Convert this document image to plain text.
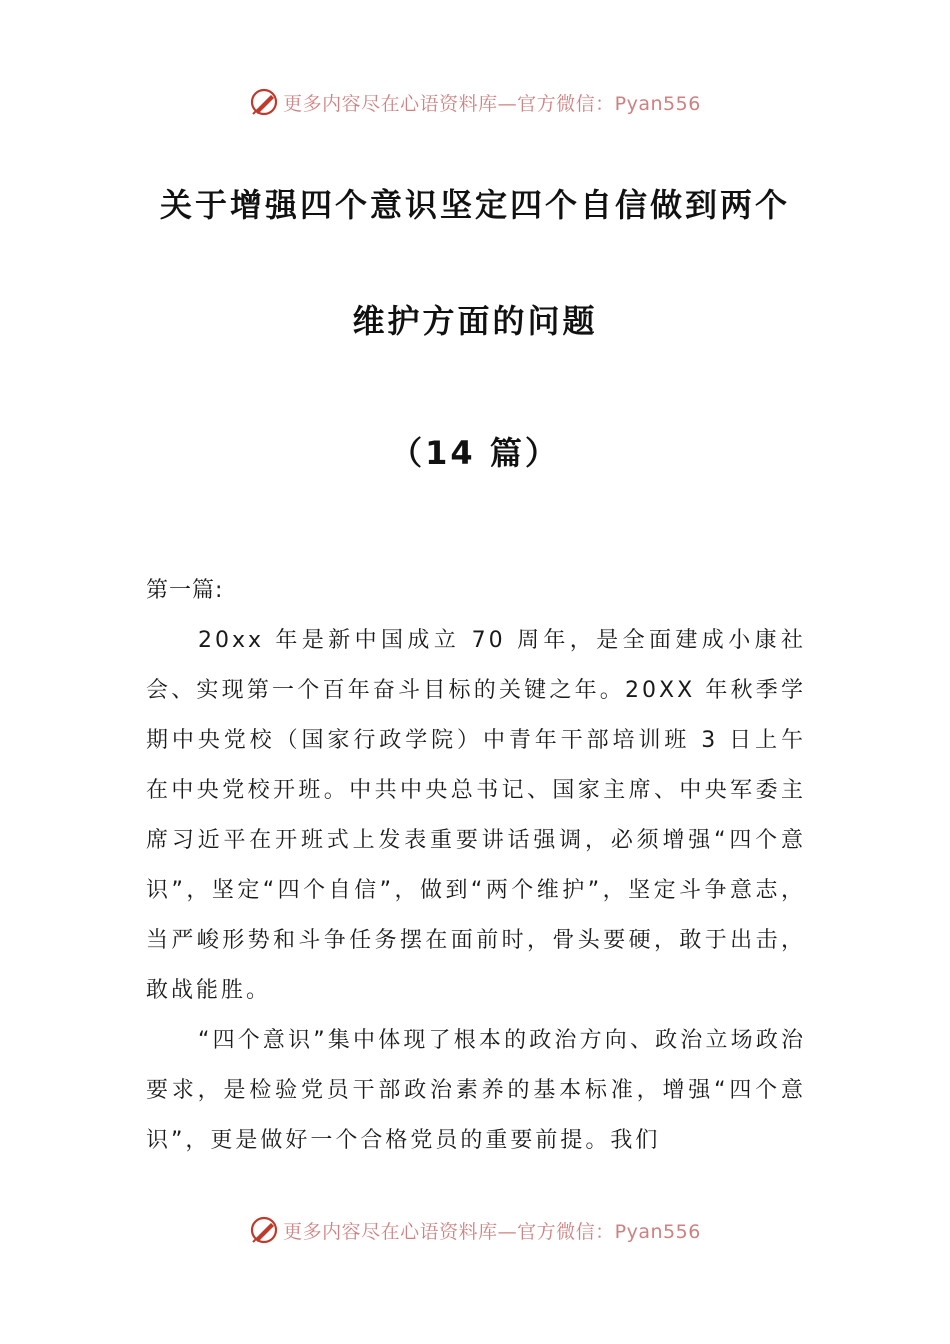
更多内容尽在心语资料库—官方微信：Pyan556
关于增强四个意识坚定四个自信做到两个
维护方面的问题
（14 篇）

第一篇:

20xx 年是新中国成立 70 周年，是全面建成小康社会、实现第一个百年奋斗目标的关键之年。20XX 年秋季学期中央党校（国家行政学院）中青年干部培训班 3 日上午在中央党校开班。中共中央总书记、国家主席、中央军委主席习近平在开班式上发表重要讲话强调，必须增强“四个意识”，坚定“四个自信”，做到“两个维护”，坚定斗争意志，当严峻形势和斗争任务摆在面前时，骨头要硬，敢于出击，敢战能胜。

“四个意识”集中体现了根本的政治方向、政治立场政治要求，是检验党员干部政治素养的基本标准，增强“四个意识”，更是做好一个合格党员的重要前提。我们

更多内容尽在心语资料库—官方微信：Pyan556
